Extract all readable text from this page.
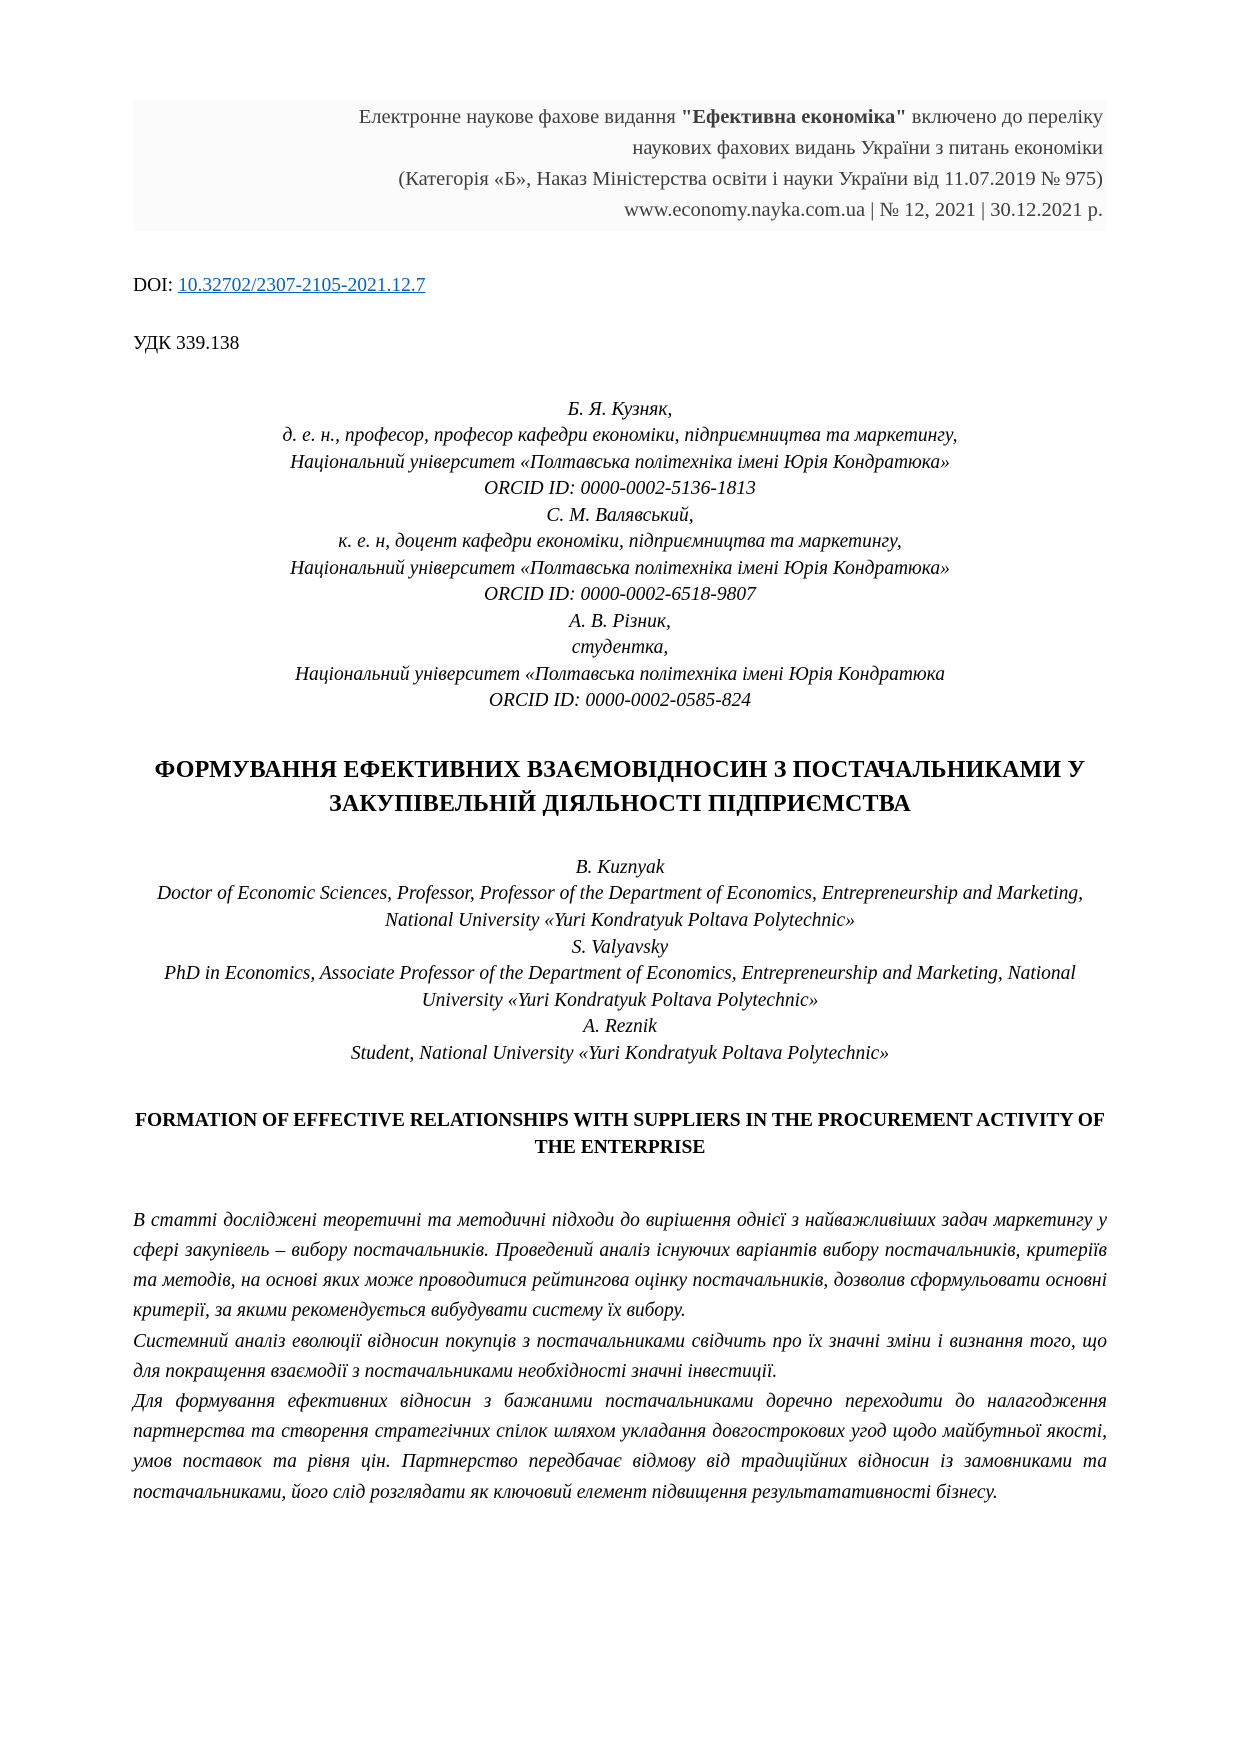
Електронне наукове фахове видання "Ефективна економіка" включено до переліку
наукових фахових видань України з питань економіки
(Категорія «Б», Наказ Міністерства освіти і науки України від 11.07.2019 № 975)
www.economy.nayka.com.ua | № 12, 2021 | 30.12.2021 р.
DOI: 10.32702/2307-2105-2021.12.7
УДК 339.138
Б. Я. Кузняк,
д. е. н., професор, професор кафедри економіки, підприємництва та маркетингу,
Національний університет «Полтавська політехніка імені Юрія Кондратюка»
ORCID ID: 0000-0002-5136-1813
С. М. Валявський,
к. е. н, доцент кафедри економіки, підприємництва та маркетингу,
Національний університет «Полтавська політехніка імені Юрія Кондратюка»
ORCID ID: 0000-0002-6518-9807
А. В. Різник,
студентка,
Національний університет «Полтавська політехніка імені Юрія Кондратюка
ORCID ID: 0000-0002-0585-824
ФОРМУВАННЯ ЕФЕКТИВНИХ ВЗАЄМОВІДНОСИН З ПОСТАЧАЛЬНИКАМИ У ЗАКУПІВЕЛЬНІЙ ДІЯЛЬНОСТІ ПІДПРИЄМСТВА
B. Kuznyak
Doctor of Economic Sciences, Professor, Professor of the Department of Economics, Entrepreneurship and Marketing, National University «Yuri Kondratyuk Poltava Polytechnic»
S. Valyavsky
PhD in Economics, Associate Professor of the Department of Economics, Entrepreneurship and Marketing, National University «Yuri Kondratyuk Poltava Polytechnic»
A. Reznik
Student, National University «Yuri Kondratyuk Poltava Polytechnic»
FORMATION OF EFFECTIVE RELATIONSHIPS WITH SUPPLIERS IN THE PROCUREMENT ACTIVITY OF THE ENTERPRISE

В статті досліджені теоретичні та методичні підходи до вирішення однієї з найважливіших задач маркетингу у сфері закупівель – вибору постачальників. Проведений аналіз існуючих варіантів вибору постачальників, критеріїв та методів, на основі яких може проводитися рейтингова оцінку постачальників, дозволив сформульовати основні критерії, за якими рекомендується вибудувати систему їх вибору.

Системний аналіз еволюції відносин покупців з постачальниками свідчить про їх значні зміни і визнання того, що для покращення взаємодії з постачальниками необхідності значні інвестиції.

Для формування ефективних відносин з бажаними постачальниками доречно переходити до налагодження партнерства та створення стратегічних спілок шляхом укладання довгострокових угод щодо майбутньої якості, умов поставок та рівня цін. Партнерство передбачає відмову від традиційних відносин із замовниками та постачальниками, його слід розглядати як ключовий елемент підвищення результатативності бізнесу.
